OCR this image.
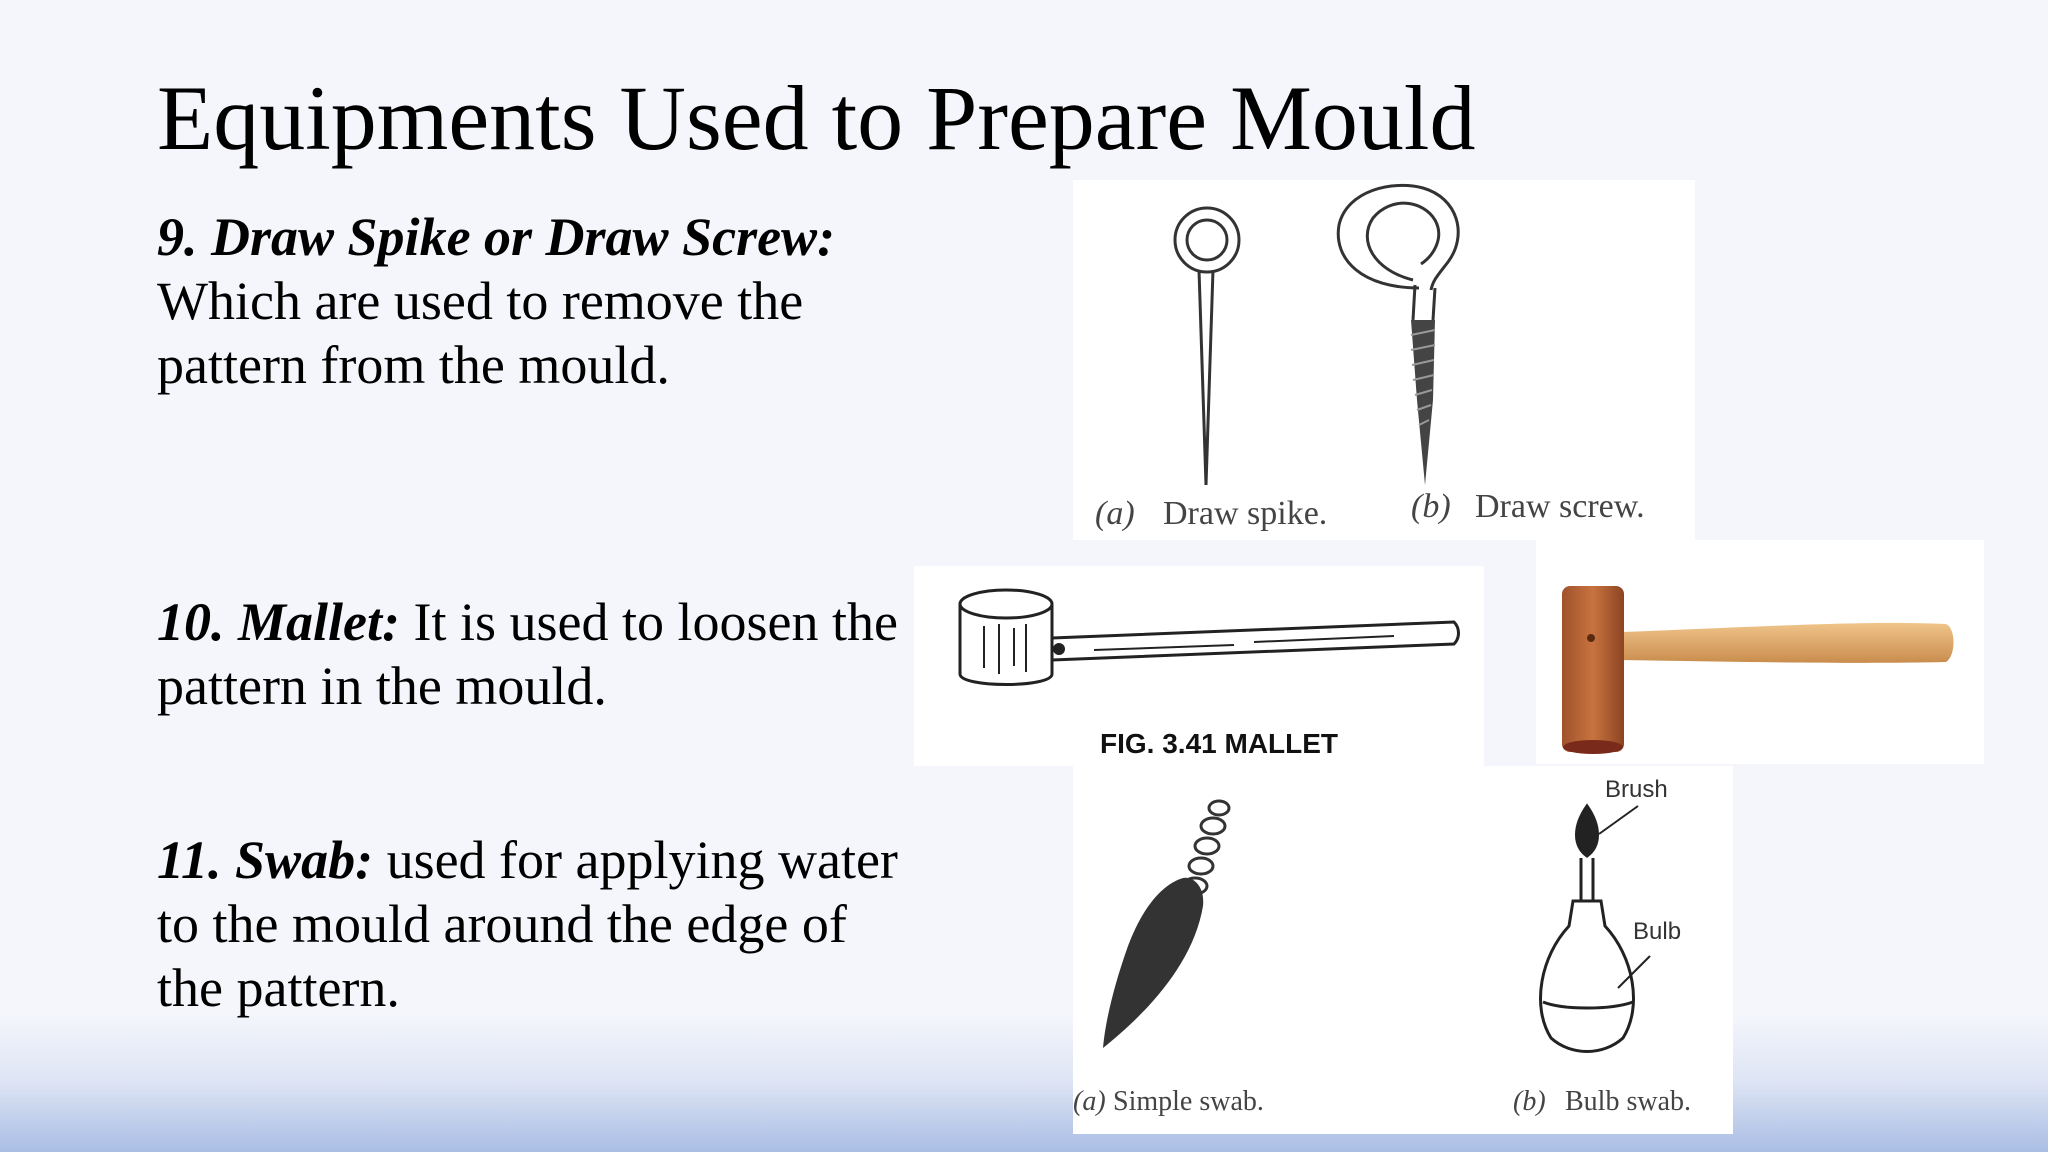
Equipments Used to Prepare Mould
9. Draw Spike or Draw Screw:
Which are used to remove the pattern from the mould.
10. Mallet: It is used to loosen the pattern in the mould.
11. Swab: used for applying water to the mould around the edge of the pattern.
(a) Draw spike. (b) Draw screw.
FIG. 3.41 MALLET
Brush
Bulb
(a) Simple swab.	(b) Bulb swab.
